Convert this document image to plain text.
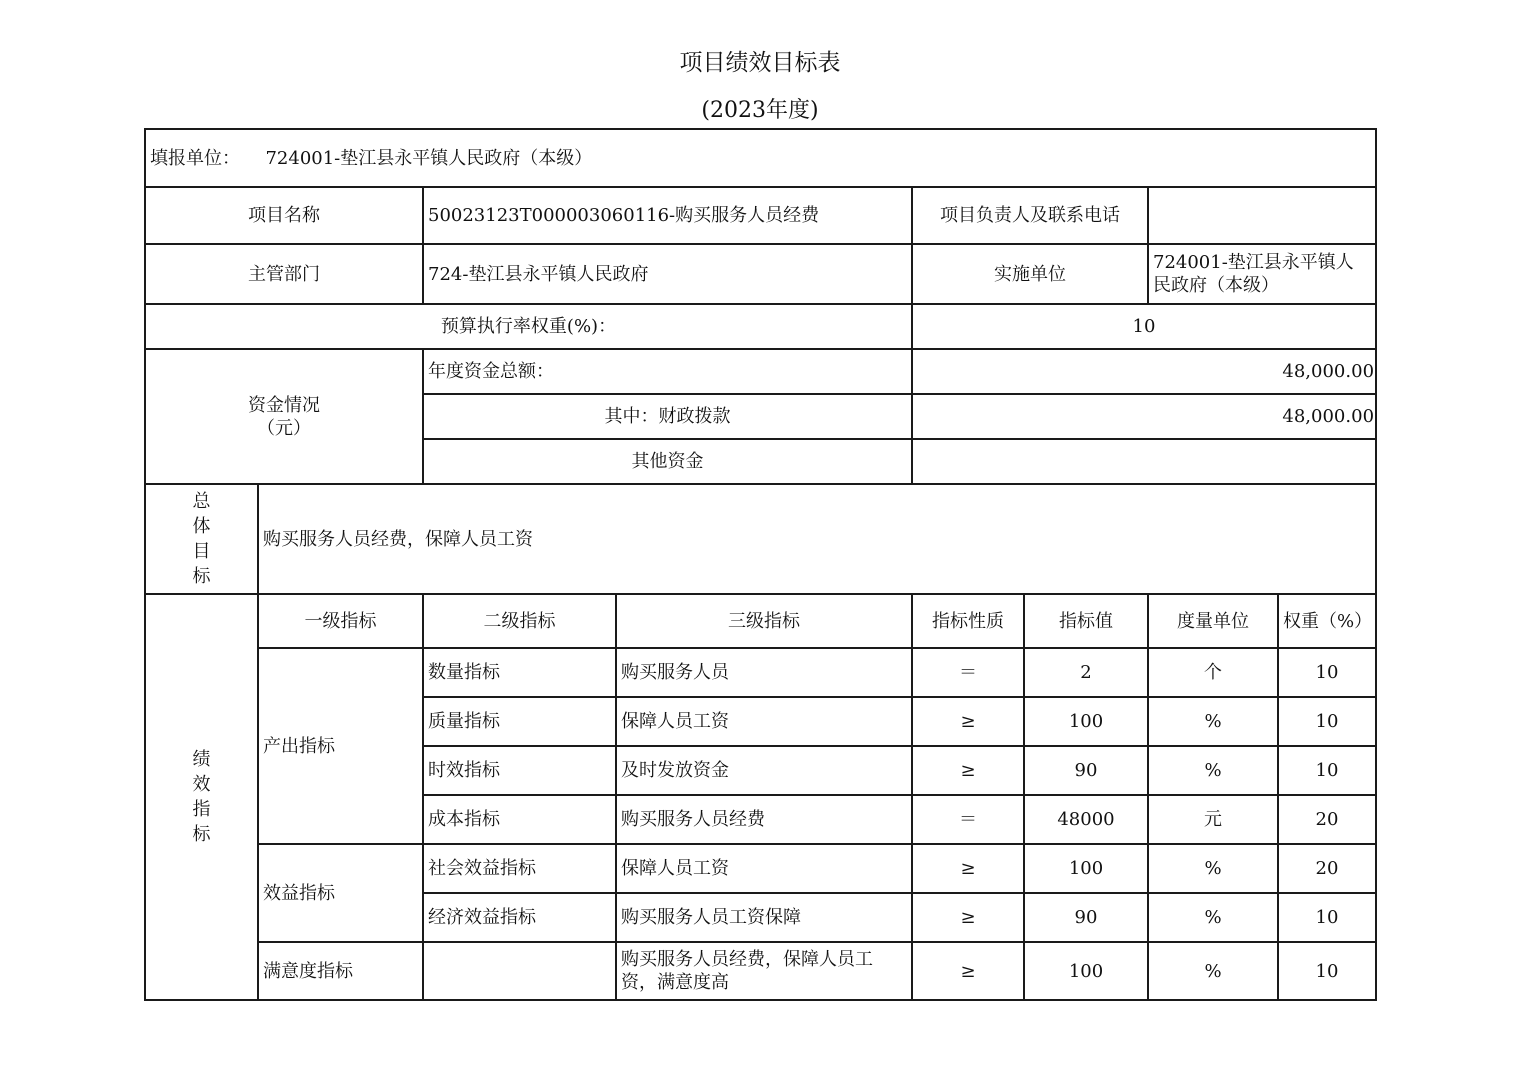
项目绩效目标表
(2023年度)
填报单位： 724001-垫江县永平镇人民政府（本级）							
项目名称		50023123T000003060116-购买服务人员经费		项目负责人及联系电话			
主管部门		724-垫江县永平镇人民政府		实施单位		724001-垫江县永平镇人民政府（本级）	
预算执行率权重(%)：				10			

资金情况
（元）		年度资金总额：		48,000.00			
		其中：财政拨款		48,000.00			
		其他资金					

总
体
目
标	购买服务人员经费，保障人员工资						

绩
效
指
标	一级指标	二级指标	三级指标	指标性质	指标值	度量单位	权重（%）
	产出指标	数量指标	购买服务人员	＝	2	个	10
		质量指标	保障人员工资	≥	100	%	10
		时效指标	及时发放资金	≥	90	%	10
		成本指标	购买服务人员经费	＝	48000	元	20
	效益指标	社会效益指标	保障人员工资	≥	100	%	20
		经济效益指标	购买服务人员工资保障	≥	90	%	10
	满意度指标		购买服务人员经费，保障人员工资，满意度高	≥	100	%	10
